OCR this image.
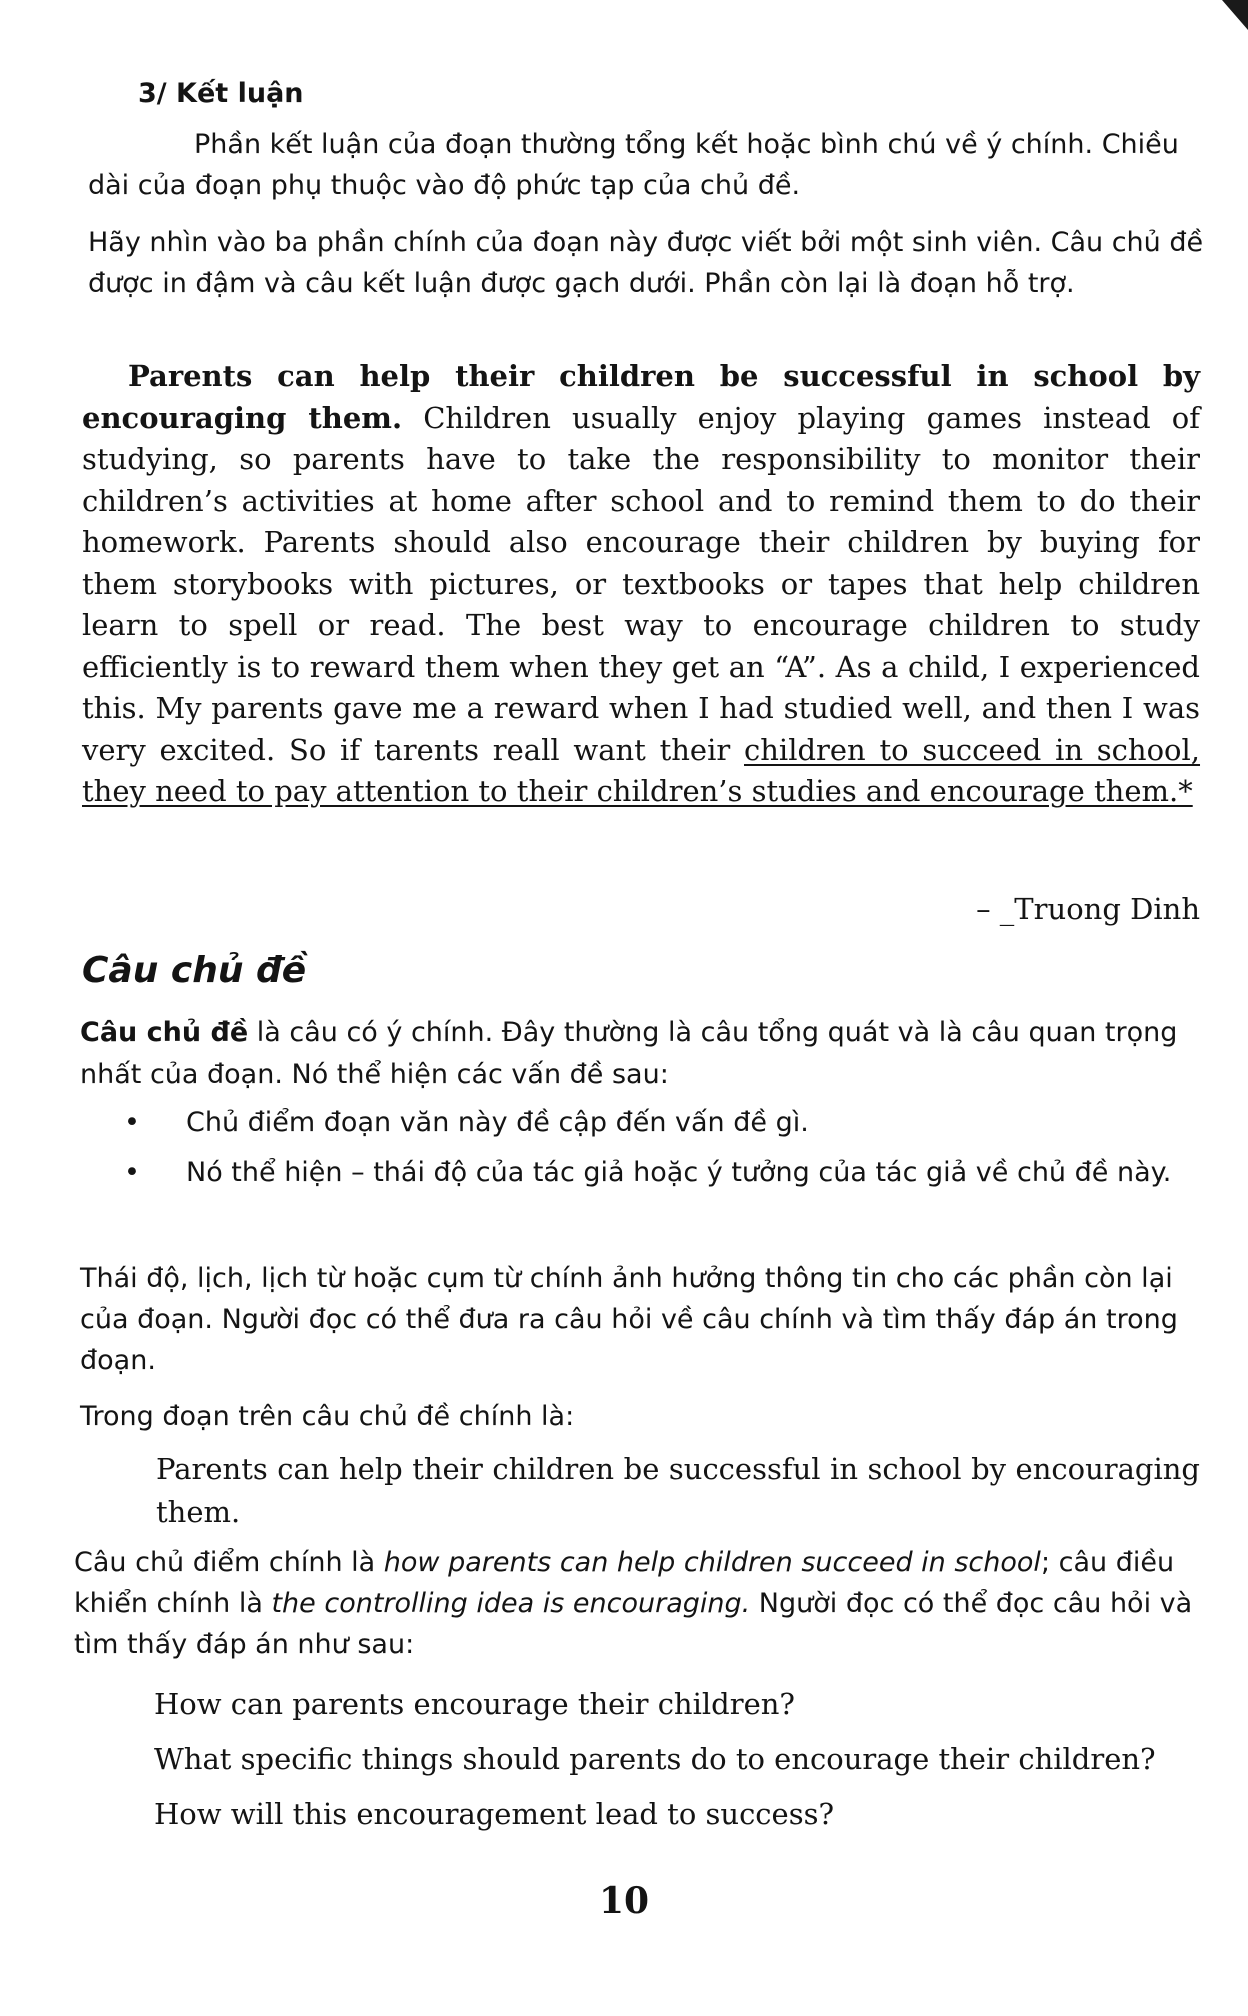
3/ Kết luận
Phần kết luận của đoạn thường tổng kết hoặc bình chú về ý chính. Chiều dài của đoạn phụ thuộc vào độ phức tạp của chủ đề.
Hãy nhìn vào ba phần chính của đoạn này được viết bởi một sinh viên. Câu chủ đề được in đậm và câu kết luận được gạch dưới. Phần còn lại là đoạn hỗ trợ.
Parents can help their children be successful in school by encouraging them. Children usually enjoy playing games instead of studying, so parents have to take the responsibility to monitor their children’s activities at home after school and to remind them to do their homework. Parents should also encourage their children by buying for them storybooks with pictures, or textbooks or tapes that help children learn to spell or read. The best way to encourage children to study efficiently is to reward them when they get an “A”. As a child, I experienced this. My parents gave me a reward when I had studied well, and then I was very excited. So if tarents reall want their children to succeed in school, they need to pay attention to their children’s studies and encourage them.*
– _Truong Dinh
Câu chủ đề
Câu chủ đề là câu có ý chính. Đây thường là câu tổng quát và là câu quan trọng nhất của đoạn. Nó thể hiện các vấn đề sau:
• Chủ điểm đoạn văn này đề cập đến vấn đề gì.
• Nó thể hiện – thái độ của tác giả hoặc ý tưởng của tác giả về chủ đề này.
Thái độ, lịch, lịch từ hoặc cụm từ chính ảnh hưởng thông tin cho các phần còn lại của đoạn. Người đọc có thể đưa ra câu hỏi về câu chính và tìm thấy đáp án trong đoạn.
Trong đoạn trên câu chủ đề chính là:
Parents can help their children be successful in school by encouraging them.
Câu chủ điểm chính là how parents can help children succeed in school; câu điều khiển chính là the controlling idea is encouraging. Người đọc có thể đọc câu hỏi và tìm thấy đáp án như sau:
How can parents encourage their children?
What specific things should parents do to encourage their children?
How will this encouragement lead to success?
10
